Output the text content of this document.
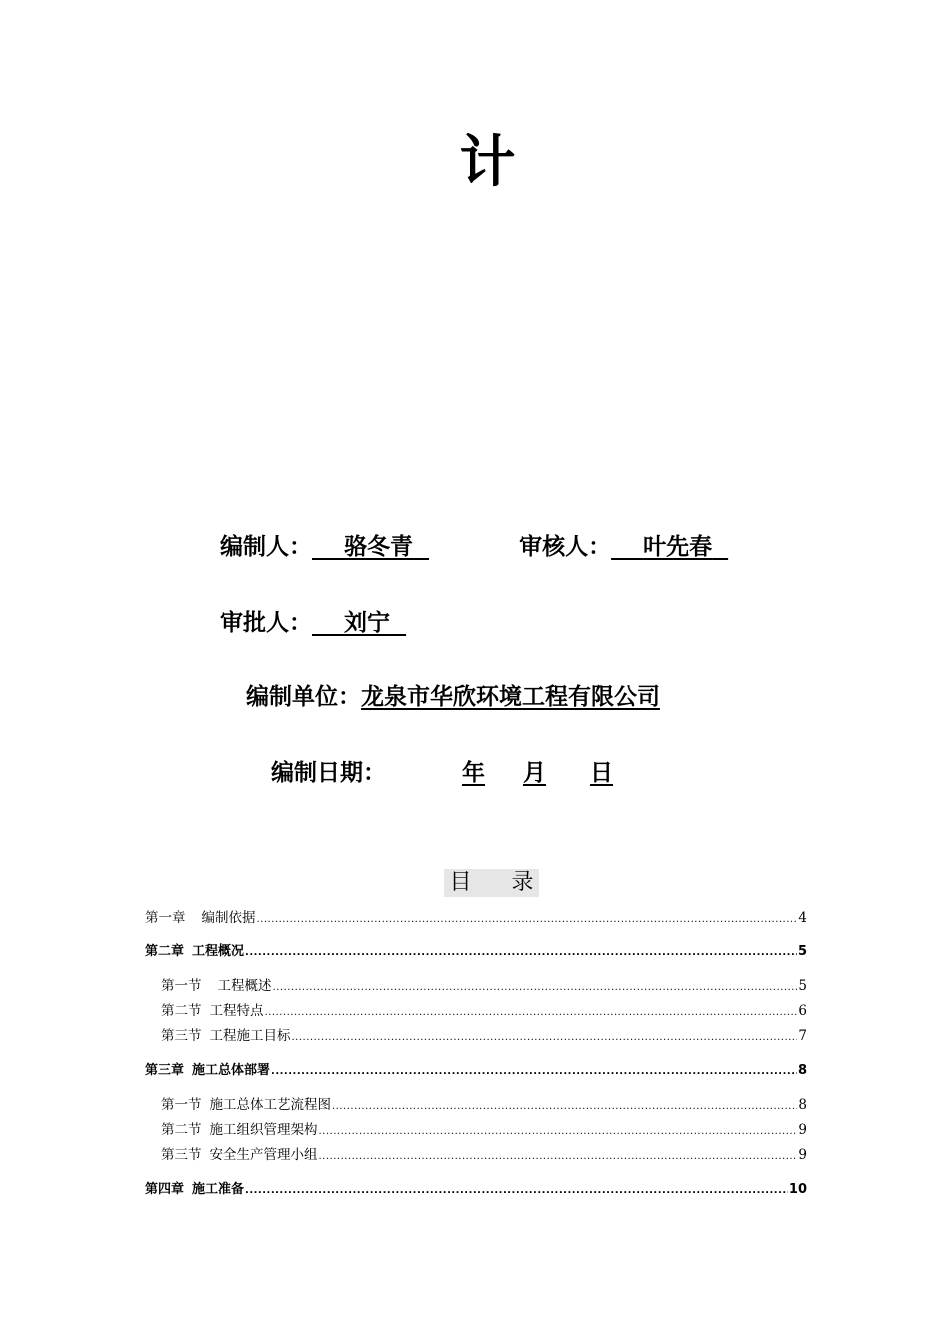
计
编制人： 骆冬青	审核人： 叶先春
审批人： 刘宁
编制单位：龙泉市华欣环境工程有限公司
编制日期：	年 月 日
目 录
第一章 编制依据 .....	4
第二章 工程概况 .....	5
第一节 工程概述 .....	5
第二节 工程特点 .....	6
第三节 工程施工目标 .....	7
第三章 施工总体部署 .....	8
第一节 施工总体工艺流程图 .....	8
第二节 施工组织管理架构 .....	9
第三节 安全生产管理小组 .....	9
第四章 施工准备 .....	10
